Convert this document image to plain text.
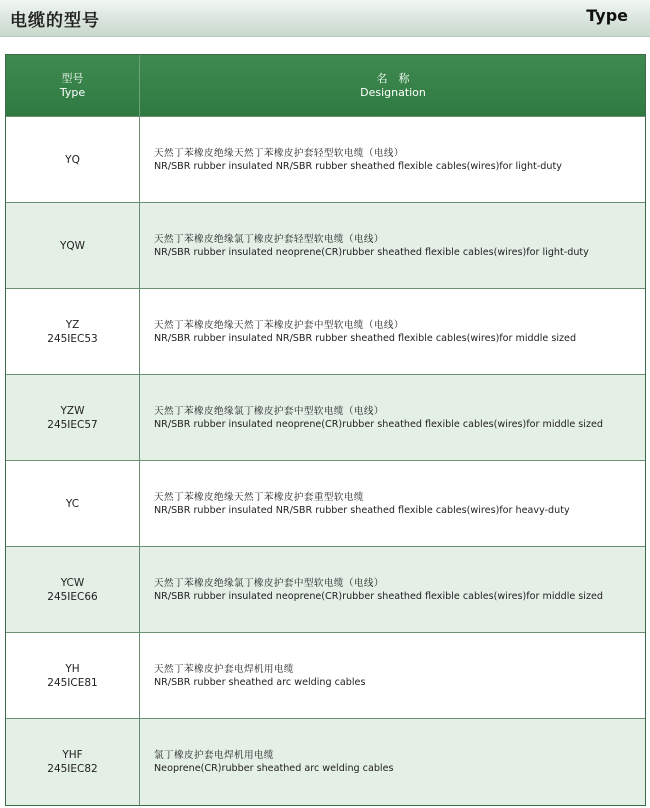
电缆的型号	Type
型号
Type
名　称
Designation
YQ
天然丁苯橡皮绝缘天然丁苯橡皮护套轻型软电缆（电线）
NR/SBR rubber insulated NR/SBR rubber sheathed flexible cables(wires)for light-duty
YQW
天然丁苯橡皮绝缘氯丁橡皮护套轻型软电缆（电线）
NR/SBR rubber insulated neoprene(CR)rubber sheathed flexible cables(wires)for light-duty
YZ
245IEC53
天然丁苯橡皮绝缘天然丁苯橡皮护套中型软电缆（电线）
NR/SBR rubber insulated NR/SBR rubber sheathed flexible cables(wires)for middle sized
YZW
245IEC57
天然丁苯橡皮绝缘氯丁橡皮护套中型软电缆（电线）
NR/SBR rubber insulated neoprene(CR)rubber sheathed flexible cables(wires)for middle sized
YC
天然丁苯橡皮绝缘天然丁苯橡皮护套重型软电缆
NR/SBR rubber insulated NR/SBR rubber sheathed flexible cables(wires)for heavy-duty
YCW
245IEC66
天然丁苯橡皮绝缘氯丁橡皮护套中型软电缆（电线）
NR/SBR rubber insulated neoprene(CR)rubber sheathed flexible cables(wires)for middle sized
YH
245ICE81
天然丁苯橡皮护套电焊机用电缆
NR/SBR rubber sheathed arc welding cables
YHF
245IEC82
氯丁橡皮护套电焊机用电缆
Neoprene(CR)rubber sheathed arc welding cables
